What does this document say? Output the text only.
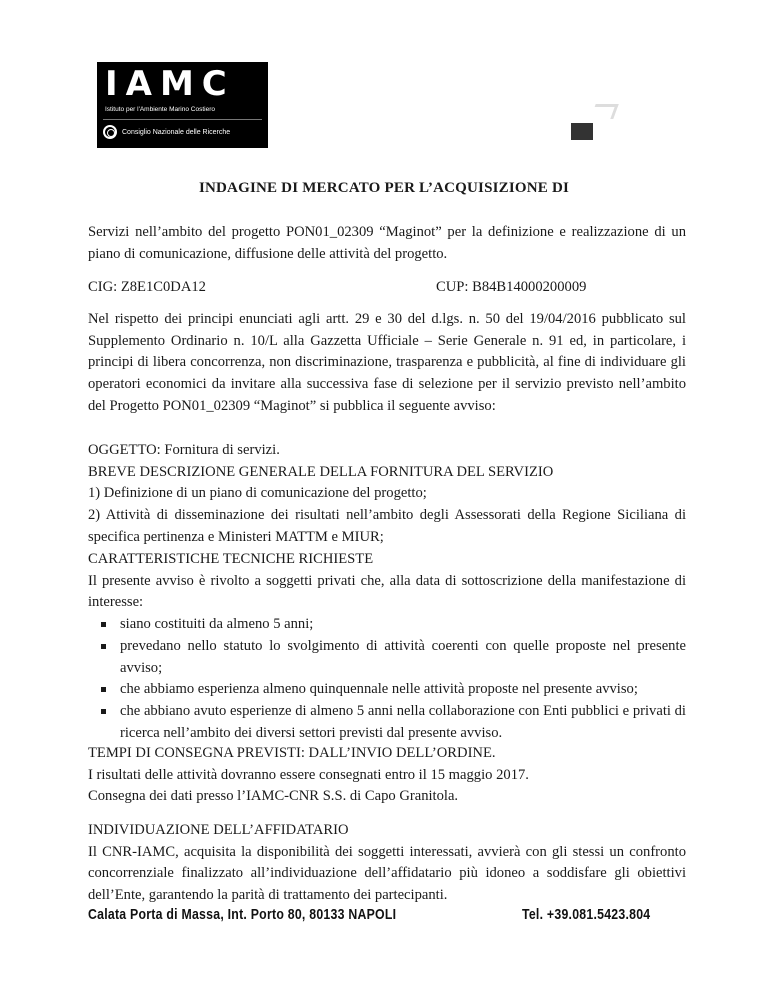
IAMC
Istituto per l'Ambiente Marino Costiero
Consiglio Nazionale delle Ricerche
INDAGINE DI MERCATO PER L’ACQUISIZIONE DI

Servizi nell’ambito del progetto PON01_02309 “Maginot” per la definizione e realizzazione di un piano di comunicazione, diffusione delle attività del progetto.

CIG: Z8E1C0DA12	CUP: B84B14000200009

Nel rispetto dei principi enunciati agli artt. 29 e 30 del d.lgs. n. 50 del 19/04/2016 pubblicato sul Supplemento Ordinario n. 10/L alla Gazzetta Ufficiale – Serie Generale n. 91 ed, in particolare, i principi di libera concorrenza, non discriminazione, trasparenza e pubblicità, al fine di individuare gli operatori economici da invitare alla successiva fase di selezione per il servizio previsto nell’ambito del Progetto PON01_02309 “Maginot” si pubblica il seguente avviso:

OGGETTO: Fornitura di servizi.
BREVE DESCRIZIONE GENERALE DELLA FORNITURA DEL SERVIZIO
1) Definizione di un piano di comunicazione del progetto;
2) Attività di disseminazione dei risultati nell’ambito degli Assessorati della Regione Siciliana di specifica pertinenza e Ministeri MATTM e MIUR;
CARATTERISTICHE TECNICHE RICHIESTE
Il presente avviso è rivolto a soggetti privati che, alla data di sottoscrizione della manifestazione di interesse:
siano costituiti da almeno 5 anni;
prevedano nello statuto lo svolgimento di attività coerenti con quelle proposte nel presente avviso;
che abbiamo esperienza almeno quinquennale nelle attività proposte nel presente avviso;
che abbiano avuto esperienze di almeno 5 anni nella collaborazione con Enti pubblici e privati di ricerca nell’ambito dei diversi settori previsti dal presente avviso.
TEMPI DI CONSEGNA PREVISTI: DALL’INVIO DELL’ORDINE.
I risultati delle attività dovranno essere consegnati entro il 15 maggio 2017.
Consegna dei dati presso l’IAMC-CNR S.S. di Capo Granitola.
INDIVIDUAZIONE DELL’AFFIDATARIO
Il CNR-IAMC, acquisita la disponibilità dei soggetti interessati, avvierà con gli stessi un confronto concorrenziale finalizzato all’individuazione dell’affidatario più idoneo a soddisfare gli obiettivi dell’Ente, garantendo la parità di trattamento dei partecipanti.
Calata Porta di Massa, Int. Porto 80, 80133 NAPOLI	Tel. +39.081.5423.804
